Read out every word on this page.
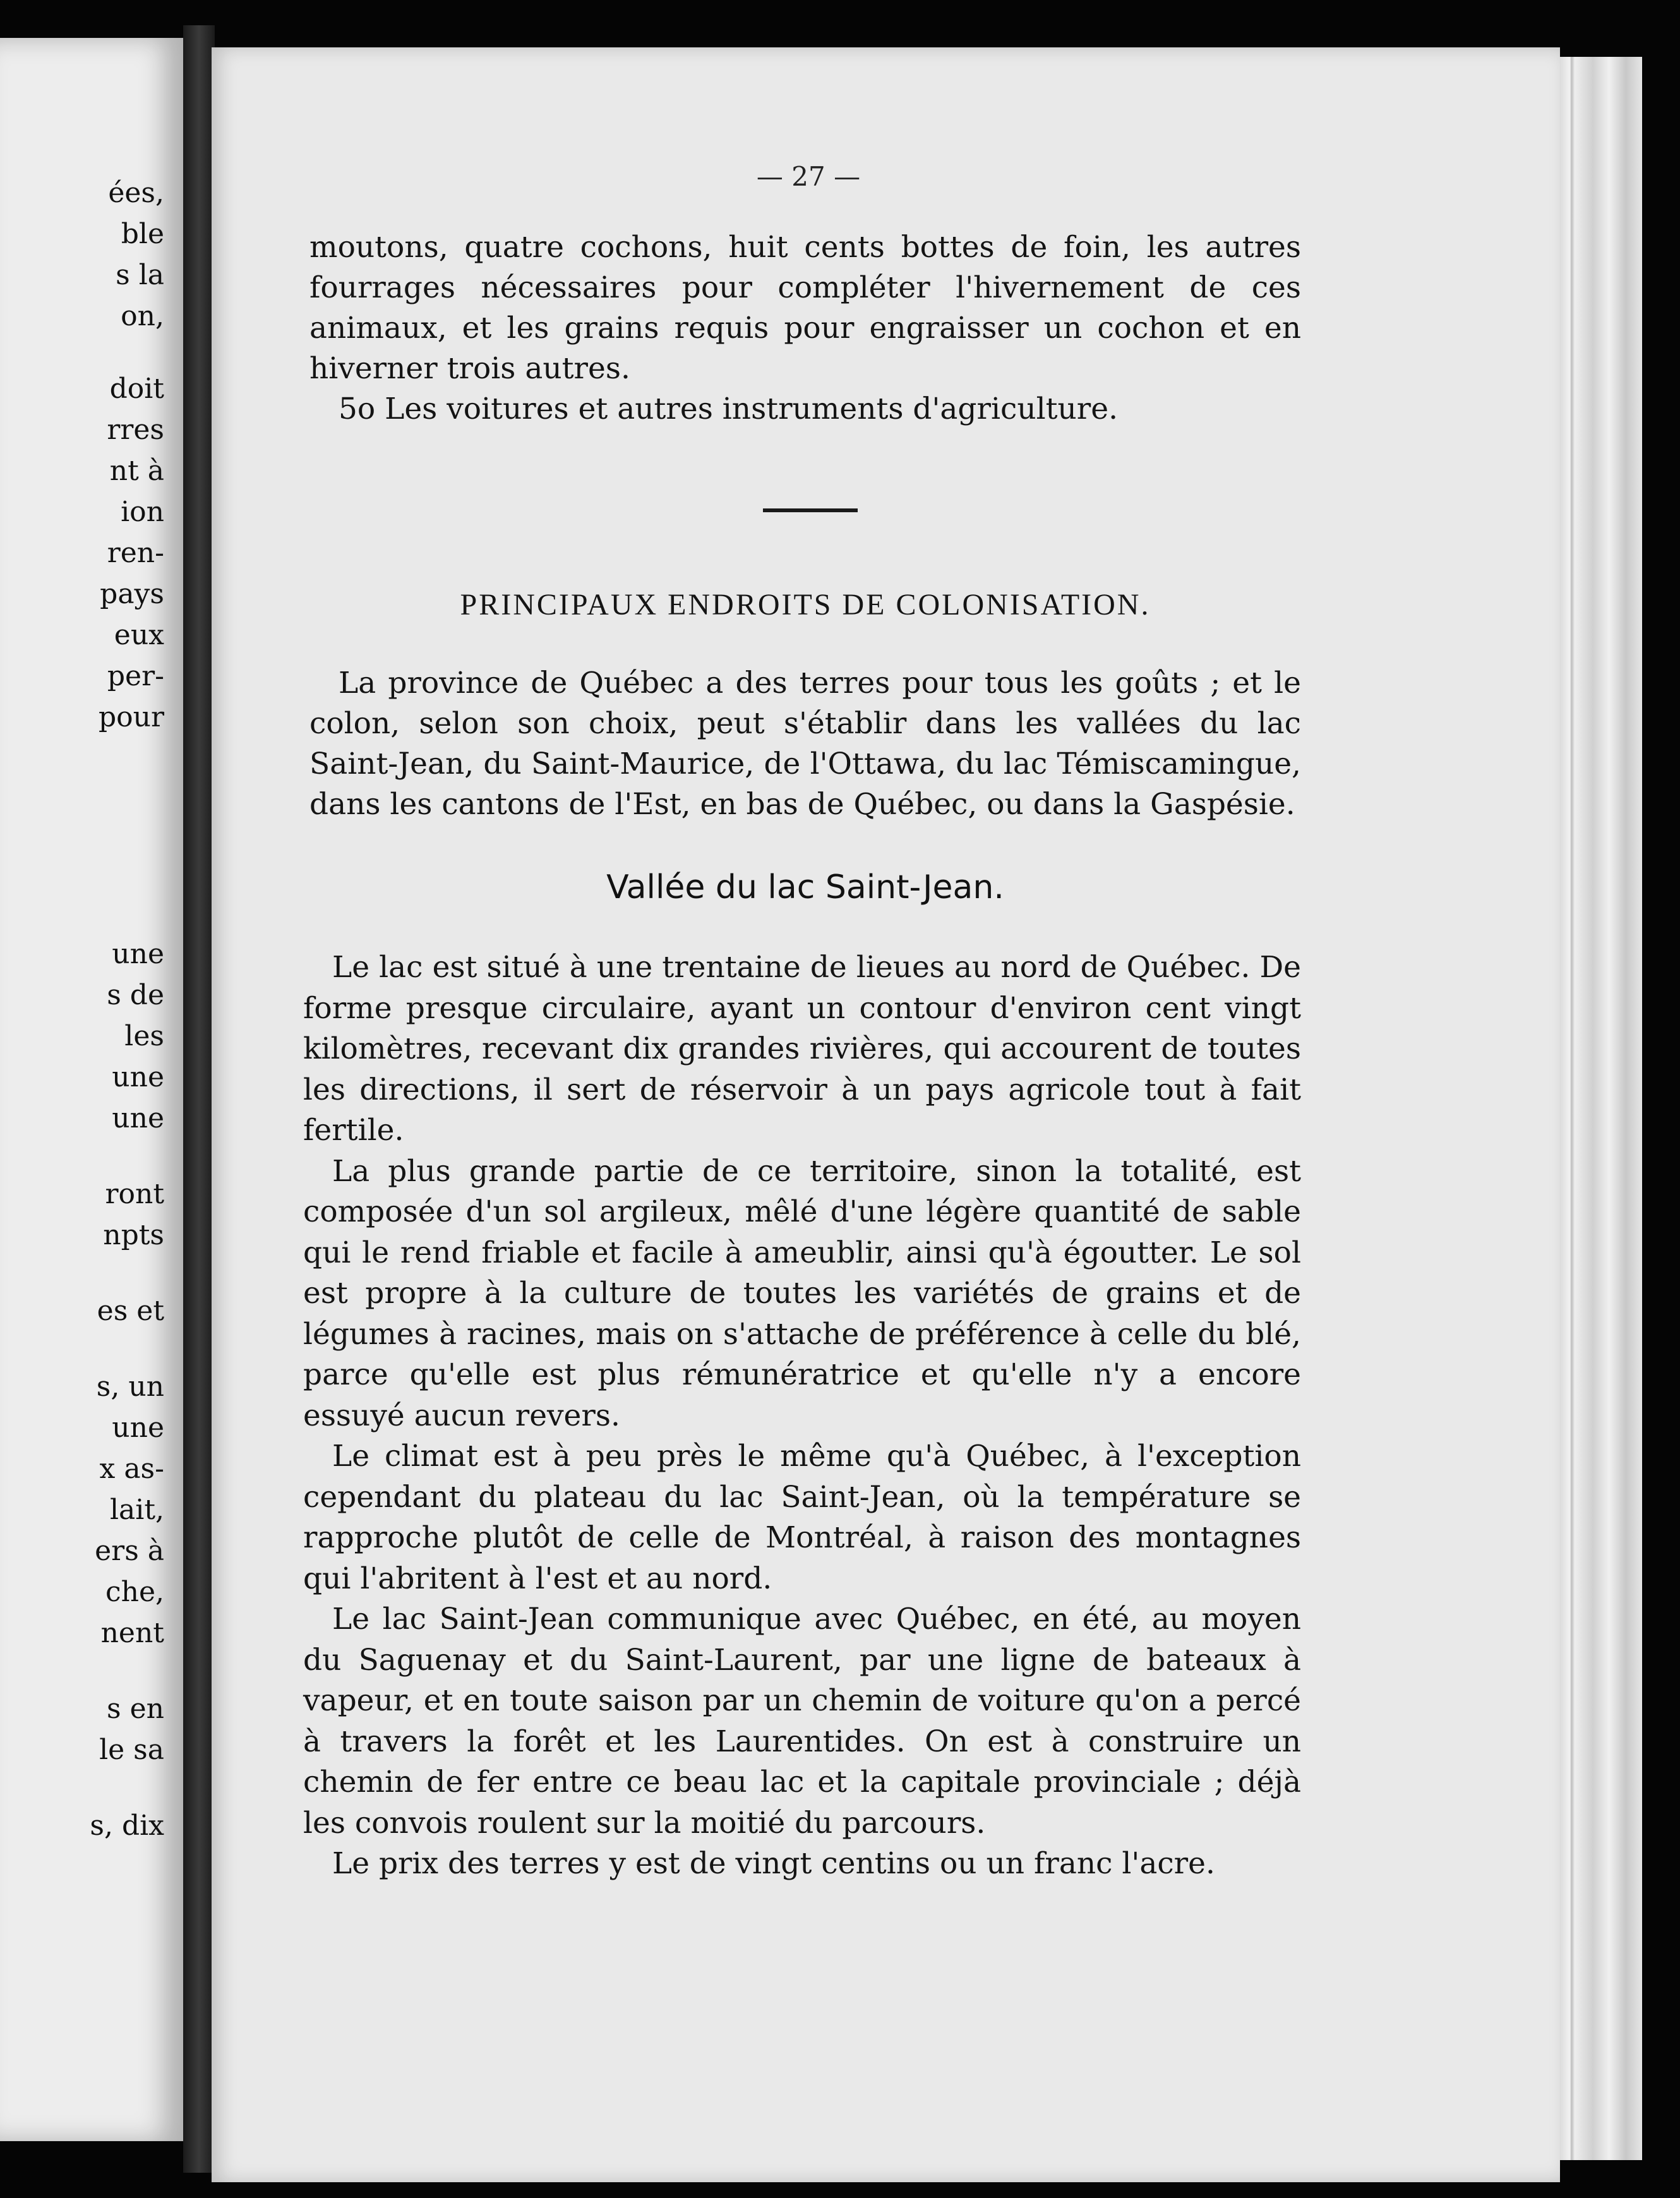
ées,
ble
s la
on,
doit
rres
nt à
ion
ren-
pays
eux
per-
pour
une
s de
les
une
une
ront
npts
es et
s, un
une
x as-
lait,
ers à
che,
nent
s en
le sa
s, dix
— 27 —

moutons, quatre cochons, huit cents bottes de foin, les autres fourrages nécessaires pour compléter l'hivernement de ces animaux, et les grains requis pour engraisser un cochon et en hiverner trois autres.

5o Les voitures et autres instruments d'agriculture.

PRINCIPAUX ENDROITS DE COLONISATION.

La province de Québec a des terres pour tous les goûts ; et le colon, selon son choix, peut s'établir dans les vallées du lac Saint-Jean, du Saint-Maurice, de l'Ottawa, du lac Témiscamingue, dans les cantons de l'Est, en bas de Québec, ou dans la Gaspésie.

Vallée du lac Saint-Jean.

Le lac est situé à une trentaine de lieues au nord de Québec. De forme presque circulaire, ayant un contour d'environ cent vingt kilomètres, recevant dix grandes rivières, qui accourent de toutes les directions, il sert de réservoir à un pays agricole tout à fait fertile.

La plus grande partie de ce territoire, sinon la totalité, est composée d'un sol argileux, mêlé d'une légère quantité de sable qui le rend friable et facile à ameublir, ainsi qu'à égoutter. Le sol est propre à la culture de toutes les variétés de grains et de légumes à racines, mais on s'attache de préférence à celle du blé, parce qu'elle est plus rémunératrice et qu'elle n'y a encore essuyé aucun revers.

Le climat est à peu près le même qu'à Québec, à l'exception cependant du plateau du lac Saint-Jean, où la température se rapproche plutôt de celle de Montréal, à raison des montagnes qui l'abritent à l'est et au nord.

Le lac Saint-Jean communique avec Québec, en été, au moyen du Saguenay et du Saint-Laurent, par une ligne de bateaux à vapeur, et en toute saison par un chemin de voiture qu'on a percé à travers la forêt et les Laurentides. On est à construire un chemin de fer entre ce beau lac et la capitale provinciale ; déjà les convois roulent sur la moitié du parcours.

Le prix des terres y est de vingt centins ou un franc l'acre.
